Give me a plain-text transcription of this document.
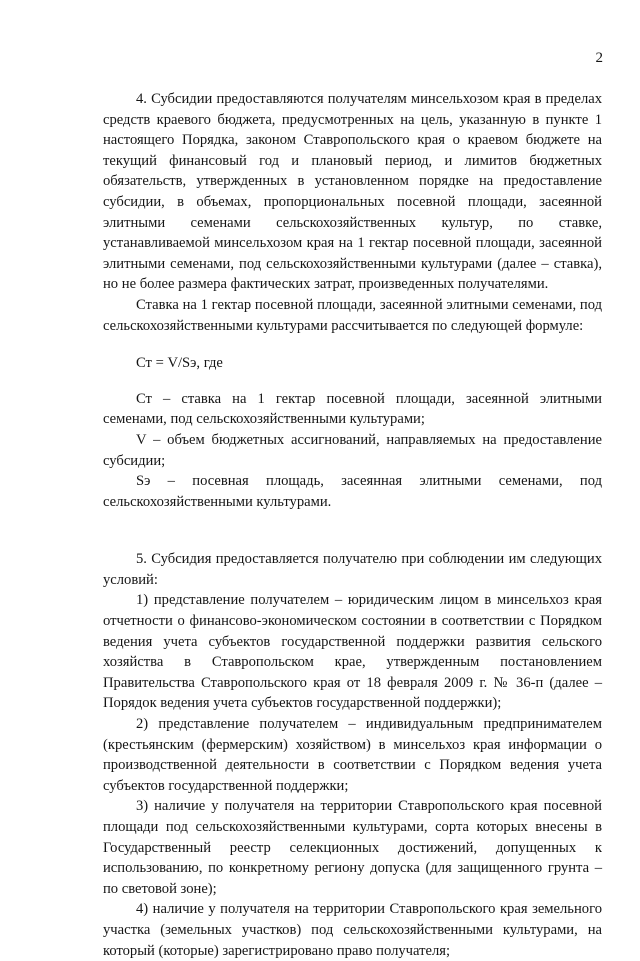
2

4. Субсидии предоставляются получателям минсельхозом края в пределах средств краевого бюджета, предусмотренных на цель, указанную в пункте 1 настоящего Порядка, законом Ставропольского края о краевом бюджете на текущий финансовый год и плановый период, и лимитов бюджетных обязательств, утвержденных в установленном порядке на предоставление субсидии, в объемах, пропорциональных посевной площади, засеянной элитными семенами сельскохозяйственных культур, по ставке, устанавливаемой минсельхозом края на 1 гектар посевной площади, засеянной элитными семенами, под сельскохозяйственными культурами (далее – ставка), но не более размера фактических затрат, произведенных получателями.

Ставка на 1 гектар посевной площади, засеянной элитными семенами, под сельскохозяйственными культурами рассчитывается по следующей формуле:

Ст = V/Sэ, где

Ст – ставка на 1 гектар посевной площади, засеянной элитными семенами, под сельскохозяйственными культурами;

V – объем бюджетных ассигнований, направляемых на предоставление субсидии;

Sэ – посевная площадь, засеянная элитными семенами, под сельскохозяйственными культурами.

5. Субсидия предоставляется получателю при соблюдении им следующих условий:

1) представление получателем – юридическим лицом в минсельхоз края отчетности о финансово-экономическом состоянии в соответствии с Порядком ведения учета субъектов государственной поддержки развития сельского хозяйства в Ставропольском крае, утвержденным постановлением Правительства Ставропольского края от 18 февраля 2009 г. № 36-п (далее – Порядок ведения учета субъектов государственной поддержки);

2) представление получателем – индивидуальным предпринимателем (крестьянским (фермерским) хозяйством) в минсельхоз края информации о производственной деятельности в соответствии с Порядком ведения учета субъектов государственной поддержки;

3) наличие у получателя на территории Ставропольского края посевной площади под сельскохозяйственными культурами, сорта которых внесены в Государственный реестр селекционных достижений, допущенных к использованию, по конкретному региону допуска (для защищенного грунта – по световой зоне);

4) наличие у получателя на территории Ставропольского края земельного участка (земельных участков) под сельскохозяйственными культурами, на который (которые) зарегистрировано право получателя;
